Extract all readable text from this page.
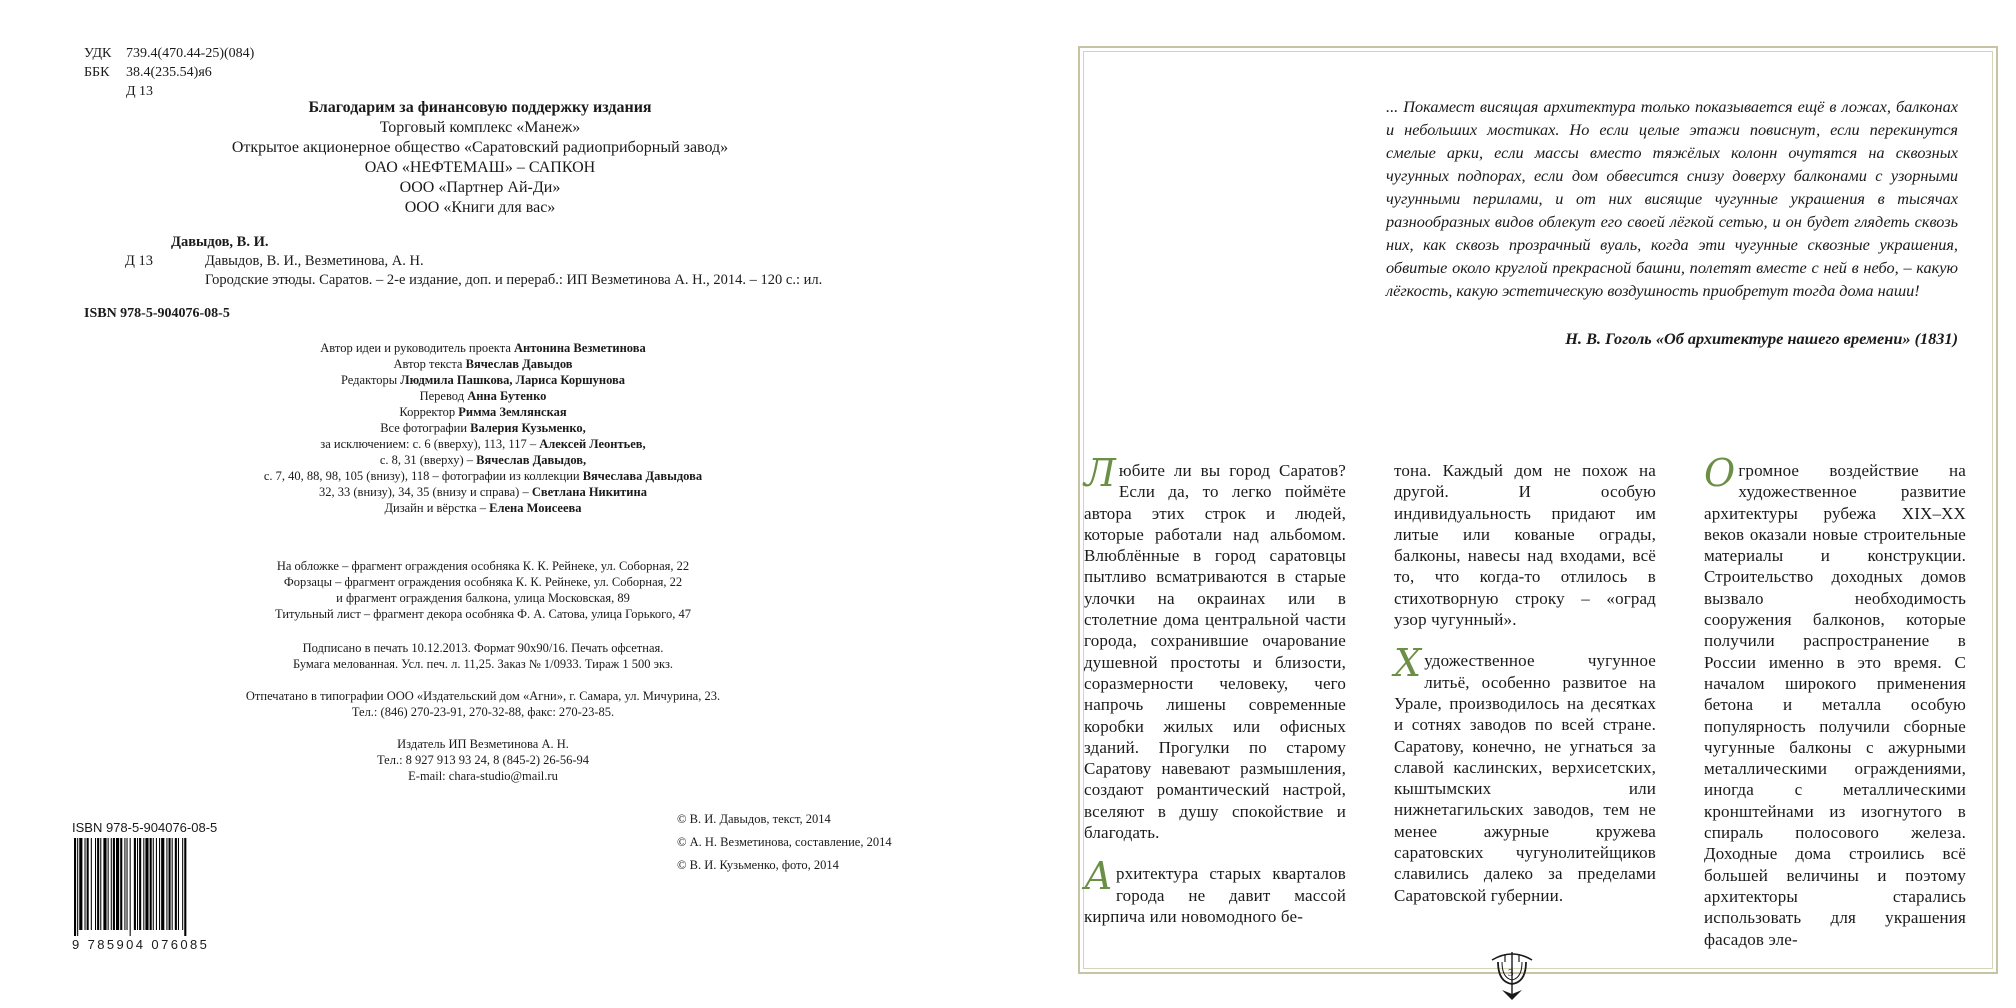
УДК	739.4(470.44-25)(084)
ББК	38.4(235.54)я6
Д 13
Благодарим за финансовую поддержку издания
Торговый комплекс «Манеж»
Открытое акционерное общество «Саратовский радиоприборный завод»
ОАО «НЕФТЕМАШ» – САПКОН
ООО «Партнер Ай-Ди»
ООО «Книги для вас»
Давыдов, В. И.
Д 13	Давыдов, В. И., Везметинова, А. Н.
Городские этюды. Саратов. – 2-е издание, доп. и перераб.: ИП Везметинова А. Н., 2014. – 120 с.: ил.
ISBN 978-5-904076-08-5
Автор идеи и руководитель проекта Антонина Везметинова
Автор текста Вячеслав Давыдов
Редакторы Людмила Пашкова, Лариса Коршунова
Перевод Анна Бутенко
Корректор Римма Землянская
Все фотографии Валерия Кузьменко,
за исключением: с. 6 (вверху), 113, 117 – Алексей Леонтьев,
с. 8, 31 (вверху) – Вячеслав Давыдов,
с. 7, 40, 88, 98, 105 (внизу), 118 – фотографии из коллекции Вячеслава Давыдова
32, 33 (внизу), 34, 35 (внизу и справа) – Светлана Никитина
Дизайн и вёрстка – Елена Моисеева
На обложке – фрагмент ограждения особняка К. К. Рейнеке, ул. Соборная, 22
Форзацы – фрагмент ограждения особняка К. К. Рейнеке, ул. Соборная, 22
и фрагмент ограждения балкона, улица Московская, 89
Титульный лист – фрагмент декора особняка Ф. А. Сатова, улица Горького, 47
Подписано в печать 10.12.2013. Формат 90х90/16. Печать офсетная.
Бумага мелованная. Усл. печ. л. 11,25. Заказ № 1/0933. Тираж 1 500 экз.
Отпечатано в типографии ООО «Издательский дом «Агни», г. Самара, ул. Мичурина, 23.
Тел.: (846) 270-23-91, 270-32-88, факс: 270-23-85.
Издатель ИП Везметинова А. Н.
Тел.: 8 927 913 93 24, 8 (845-2) 26-56-94
E-mail: chara-studio@mail.ru
© В. И. Давыдов, текст, 2014
© А. Н. Везметинова, составление, 2014
© В. И. Кузьменко, фото, 2014
ISBN 978-5-904076-08-5
9 785904 076085
... Покамест висящая архитектура только показывается ещё в ложах, балконах и небольших мостиках. Но если целые этажи повиснут, если перекинутся смелые арки, если массы вместо тяжёлых колонн очутятся на сквозных чугунных подпорах, если дом обвесится снизу доверху балконами с узорными чугунными перилами, и от них висящие чугунные украшения в тысячах разнообразных видов облекут его своей лёгкой сетью, и он будет глядеть сквозь них, как сквозь прозрачный вуаль, когда эти чугунные сквозные украшения, обвитые около круглой прекрасной башни, полетят вместе с ней в небо, – какую лёгкость, какую эстетическую воздушность приобретут тогда дома наши!
Н. В. Гоголь «Об архитектуре нашего времени» (1831)

Любите ли вы город Саратов? Если да, то легко поймёте автора этих строк и людей, которые работали над альбомом. Влюблённые в город саратовцы пытливо всматриваются в старые улочки на окраинах или в столетние дома центральной части города, сохранившие очарование душевной простоты и близости, соразмерности человеку, чего напрочь лишены современные коробки жилых или офисных зданий. Прогулки по старому Саратову навевают размышления, создают романтический настрой, вселяют в душу спокойствие и благодать.

Архитектура старых кварталов города не давит массой кирпича или новомодного бе-

тона. Каждый дом не похож на другой. И особую индивидуальность придают им литые или кованые ограды, балконы, навесы над входами, всё то, что когда-то отлилось в стихотворную строку – «оград узор чугунный».

Художественное чугунное литьё, особенно развитое на Урале, производилось на десятках и сотнях заводов по всей стране. Саратову, конечно, не угнаться за славой каслинских, верхисетских, кыштымских или нижнетагильских заводов, тем не менее ажурные кружева саратовских чугунолитейщиков славились далеко за пределами Саратовской губернии.

Огромное воздействие на художественное развитие архитектуры рубежа XIX–XX веков оказали новые строительные материалы и конструкции. Строительство доходных домов вызвало необходимость сооружения балконов, которые получили распространение в России именно в это время. С началом широкого применения бетона и металла особую популярность получили сборные чугунные балконы с ажурными металлическими ограждениями, иногда с металлическими кронштейнами из изогнутого в спираль полосового железа. Доходные дома строились всё большей величины и поэтому архитекторы старались использовать для украшения фасадов эле-

3
